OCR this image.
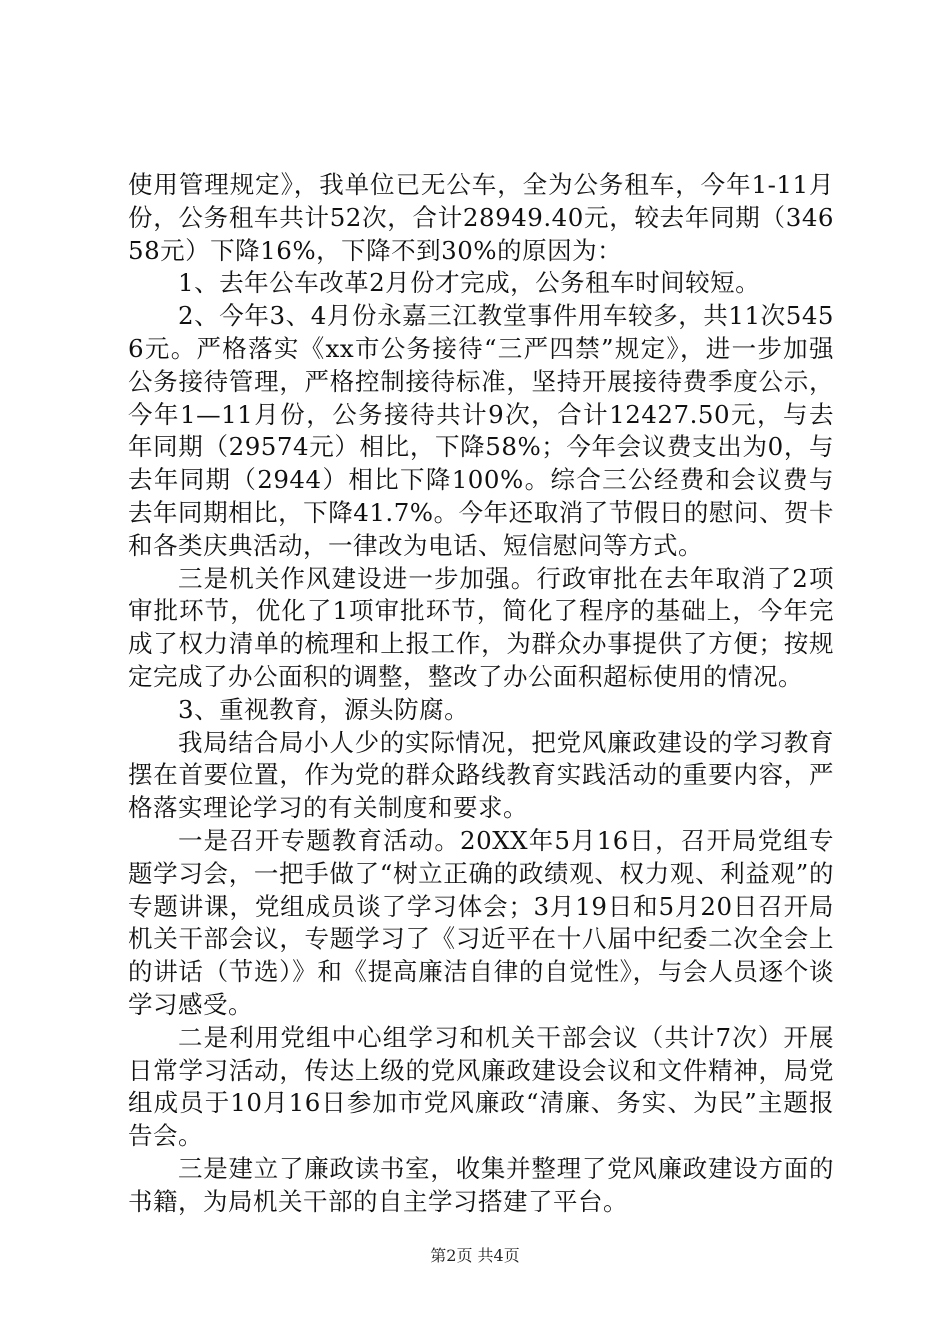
使用管理规定》，我单位已无公车，全为公务租车，今年1-11月份，公务租车共计52次，合计28949.40元，较去年同期（34658元）下降16%，下降不到30%的原因为：

1、去年公车改革2月份才完成，公务租车时间较短。

2、今年3、4月份永嘉三江教堂事件用车较多，共11次5456元。严格落实《xx市公务接待“三严四禁”规定》，进一步加强公务接待管理，严格控制接待标准，坚持开展接待费季度公示，今年1—11月份，公务接待共计9次，合计12427.50元，与去年同期（29574元）相比，下降58%；今年会议费支出为0，与去年同期（2944）相比下降100%。综合三公经费和会议费与去年同期相比，下降41.7%。今年还取消了节假日的慰问、贺卡和各类庆典活动，一律改为电话、短信慰问等方式。

三是机关作风建设进一步加强。行政审批在去年取消了2项审批环节，优化了1项审批环节，简化了程序的基础上，今年完成了权力清单的梳理和上报工作，为群众办事提供了方便；按规定完成了办公面积的调整，整改了办公面积超标使用的情况。

3、重视教育，源头防腐。

我局结合局小人少的实际情况，把党风廉政建设的学习教育摆在首要位置，作为党的群众路线教育实践活动的重要内容，严格落实理论学习的有关制度和要求。

一是召开专题教育活动。20XX年5月16日，召开局党组专题学习会，一把手做了“树立正确的政绩观、权力观、利益观”的专题讲课，党组成员谈了学习体会；3月19日和5月20日召开局机关干部会议，专题学习了《习近平在十八届中纪委二次全会上的讲话（节选）》和《提高廉洁自律的自觉性》，与会人员逐个谈学习感受。

二是利用党组中心组学习和机关干部会议（共计7次）开展日常学习活动，传达上级的党风廉政建设会议和文件精神，局党组成员于10月16日参加市党风廉政“清廉、务实、为民”主题报告会。

三是建立了廉政读书室，收集并整理了党风廉政建设方面的书籍，为局机关干部的自主学习搭建了平台。

第2页 共4页
